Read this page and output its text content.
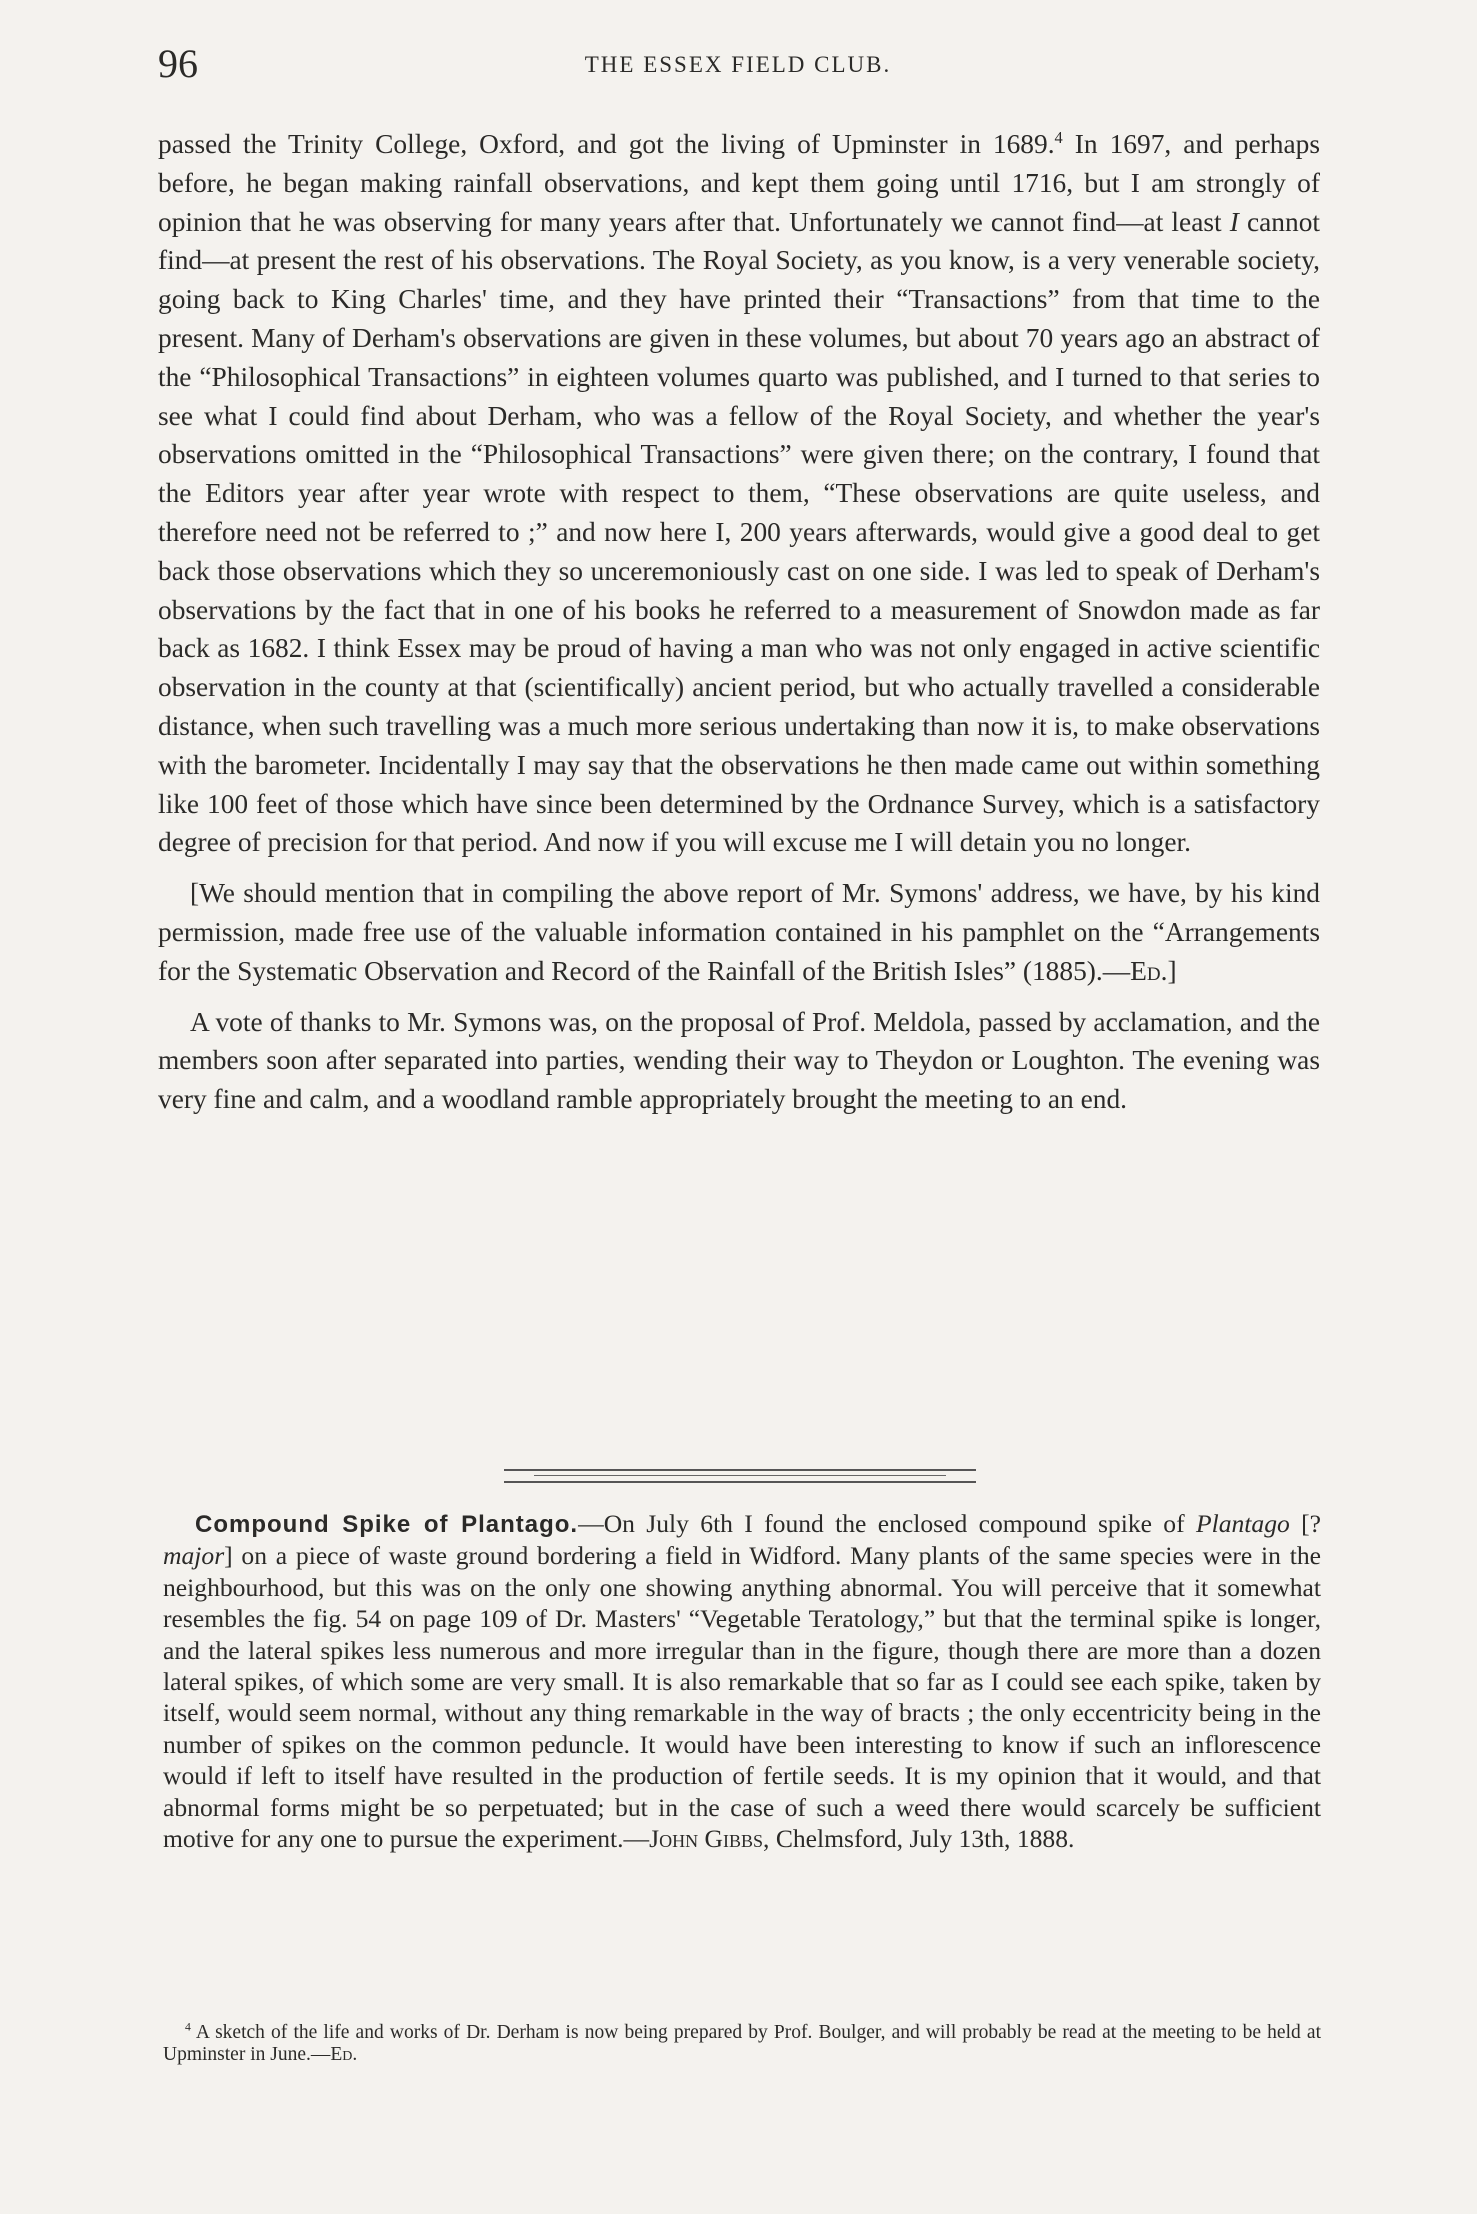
96	THE ESSEX FIELD CLUB.

passed the Trinity College, Oxford, and got the living of Upminster in 1689.$^4$ In 1697, and perhaps before, he began making rainfall observations, and kept them going until 1716, but I am strongly of opinion that he was observing for many years after that. Unfortunately we cannot find—at least I cannot find—at present the rest of his observations. The Royal Society, as you know, is a very venerable society, going back to King Charles' time, and they have printed their “Transactions” from that time to the present. Many of Derham's observations are given in these volumes, but about 70 years ago an abstract of the “Philosophical Transactions” in eighteen volumes quarto was published, and I turned to that series to see what I could find about Derham, who was a fellow of the Royal Society, and whether the year's observations omitted in the “Philosophical Transactions” were given there; on the contrary, I found that the Editors year after year wrote with respect to them, “These observations are quite useless, and therefore need not be referred to ;” and now here I, 200 years afterwards, would give a good deal to get back those observations which they so unceremoniously cast on one side. I was led to speak of Derham's observations by the fact that in one of his books he referred to a measurement of Snowdon made as far back as 1682. I think Essex may be proud of having a man who was not only engaged in active scientific observation in the county at that (scientifically) ancient period, but who actually travelled a considerable distance, when such travelling was a much more serious undertaking than now it is, to make observations with the barometer. Incidentally I may say that the observations he then made came out within something like 100 feet of those which have since been determined by the Ordnance Survey, which is a satisfactory degree of precision for that period. And now if you will excuse me I will detain you no longer.

[We should mention that in compiling the above report of Mr. Symons' address, we have, by his kind permission, made free use of the valuable information contained in his pamphlet on the “Arrangements for the Systematic Observation and Record of the Rainfall of the British Isles” (1885).—Ed.]

A vote of thanks to Mr. Symons was, on the proposal of Prof. Meldola, passed by acclamation, and the members soon after separated into parties, wending their way to Theydon or Loughton. The evening was very fine and calm, and a woodland ramble appropriately brought the meeting to an end.

Compound Spike of Plantago.—On July 6th I found the enclosed compound spike of Plantago [? major] on a piece of waste ground bordering a field in Widford. Many plants of the same species were in the neighbourhood, but this was on the only one showing anything abnormal. You will perceive that it somewhat resembles the fig. 54 on page 109 of Dr. Masters' “Vegetable Teratology,” but that the terminal spike is longer, and the lateral spikes less numerous and more irregular than in the figure, though there are more than a dozen lateral spikes, of which some are very small. It is also remarkable that so far as I could see each spike, taken by itself, would seem normal, without any thing remarkable in the way of bracts ; the only eccentricity being in the number of spikes on the common peduncle. It would have been interesting to know if such an inflorescence would if left to itself have resulted in the production of fertile seeds. It is my opinion that it would, and that abnormal forms might be so perpetuated; but in the case of such a weed there would scarcely be sufficient motive for any one to pursue the experiment.—John Gibbs, Chelmsford, July 13th, 1888.

$^4$ A sketch of the life and works of Dr. Derham is now being prepared by Prof. Boulger, and will probably be read at the meeting to be held at Upminster in June.—Ed.
